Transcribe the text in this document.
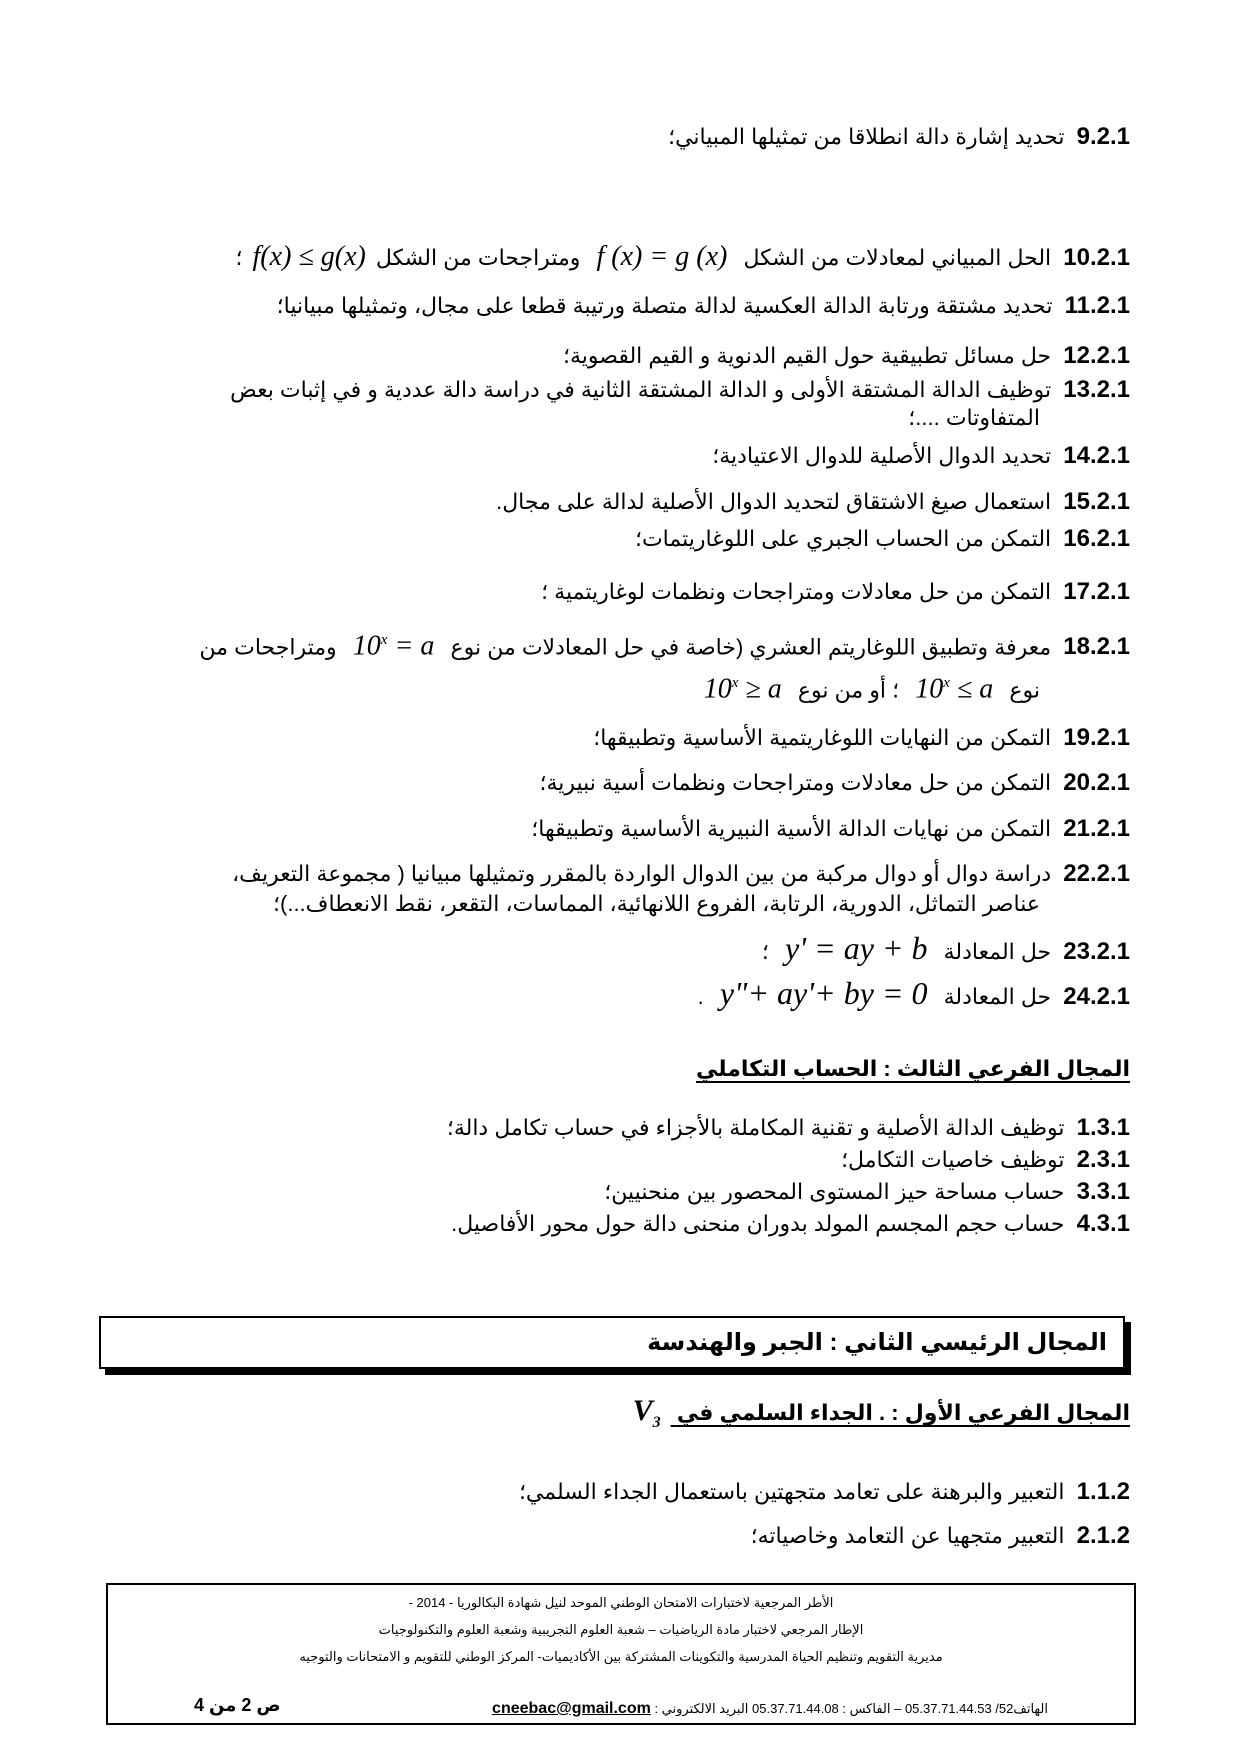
9.2.1 تحديد إشارة دالة انطلاقا من تمثيلها المبياني؛
10.2.1 الحل المبياني لمعادلات من الشكل f (x) = g (x) ومتراجحات من الشكلf(x) ≤ g(x)؛
11.2.1 تحديد مشتقة ورتابة الدالة العكسية لدالة متصلة ورتيبة قطعا على مجال، وتمثيلها مبيانيا؛
12.2.1 حل مسائل تطبيقية حول القيم الدنوية و القيم القصوية؛
13.2.1 توظيف الدالة المشتقة الأولى و الدالة المشتقة الثانية في دراسة دالة عددية و في إثبات بعض
المتفاوتات ....؛
14.2.1 تحديد الدوال الأصلية للدوال الاعتيادية؛
15.2.1 استعمال صيغ الاشتقاق لتحديد الدوال الأصلية لدالة على مجال.
16.2.1 التمكن من الحساب الجبري على اللوغاريتمات؛
17.2.1 التمكن من حل معادلات ومتراجحات ونظمات لوغاريتمية ؛
18.2.1 معرفة وتطبيق اللوغاريتم العشري (خاصة في حل المعادلات من نوع $10^x = a$ ومتراجحات من
نوع $10^x \le a$ ؛ أو من نوع $10^x \ge a$
19.2.1 التمكن من النهايات اللوغاريتمية الأساسية وتطبيقها؛
20.2.1 التمكن من حل معادلات ومتراجحات ونظمات أسية نبيرية؛
21.2.1 التمكن من نهايات الدالة الأسية النبيرية الأساسية وتطبيقها؛
22.2.1 دراسة دوال أو دوال مركبة من بين الدوال الواردة بالمقرر وتمثيلها مبيانيا ( مجموعة التعريف،
عناصر التماثل، الدورية، الرتابة، الفروع اللانهائية، المماسات، التقعر، نقط الانعطاف...)؛
23.2.1 حل المعادلة y' = ay + b ؛
24.2.1 حل المعادلة y"+ ay'+ by = 0 .
المجال الفرعي الثالث : الحساب التكاملي
1.3.1 توظيف الدالة الأصلية و تقنية المكاملة بالأجزاء في حساب تكامل دالة؛
2.3.1 توظيف خاصيات التكامل؛
3.3.1 حساب مساحة حيز المستوى المحصور بين منحنيين؛
4.3.1 حساب حجم المجسم المولد بدوران منحنى دالة حول محور الأفاصيل.
المجال الرئيسي الثاني : الجبر والهندسة
المجال الفرعي الأول : . الجداء السلمي في $V_3$
1.1.2 التعبير والبرهنة على تعامد متجهتين باستعمال الجداء السلمي؛
2.1.2 التعبير متجهيا عن التعامد وخاصياته؛
الأطر المرجعية لاختبارات الامتحان الوطني الموحد لنيل شهادة البكالوريا - 2014 -
الإطار المرجعي لاختبار مادة الرياضيات – شعبة العلوم التجريبية وشعبة العلوم والتكنولوجيات
مديرية التقويم وتنظيم الحياة المدرسية والتكوينات المشتركة بين الأكاديميات- المركز الوطني للتقويم و الامتحانات والتوجيه
الهاتف52/ 05.37.71.44.53 – الفاكس : 05.37.71.44.08 البريد الالكتروني : cneebac@gmail.com
ص 2 من 4
